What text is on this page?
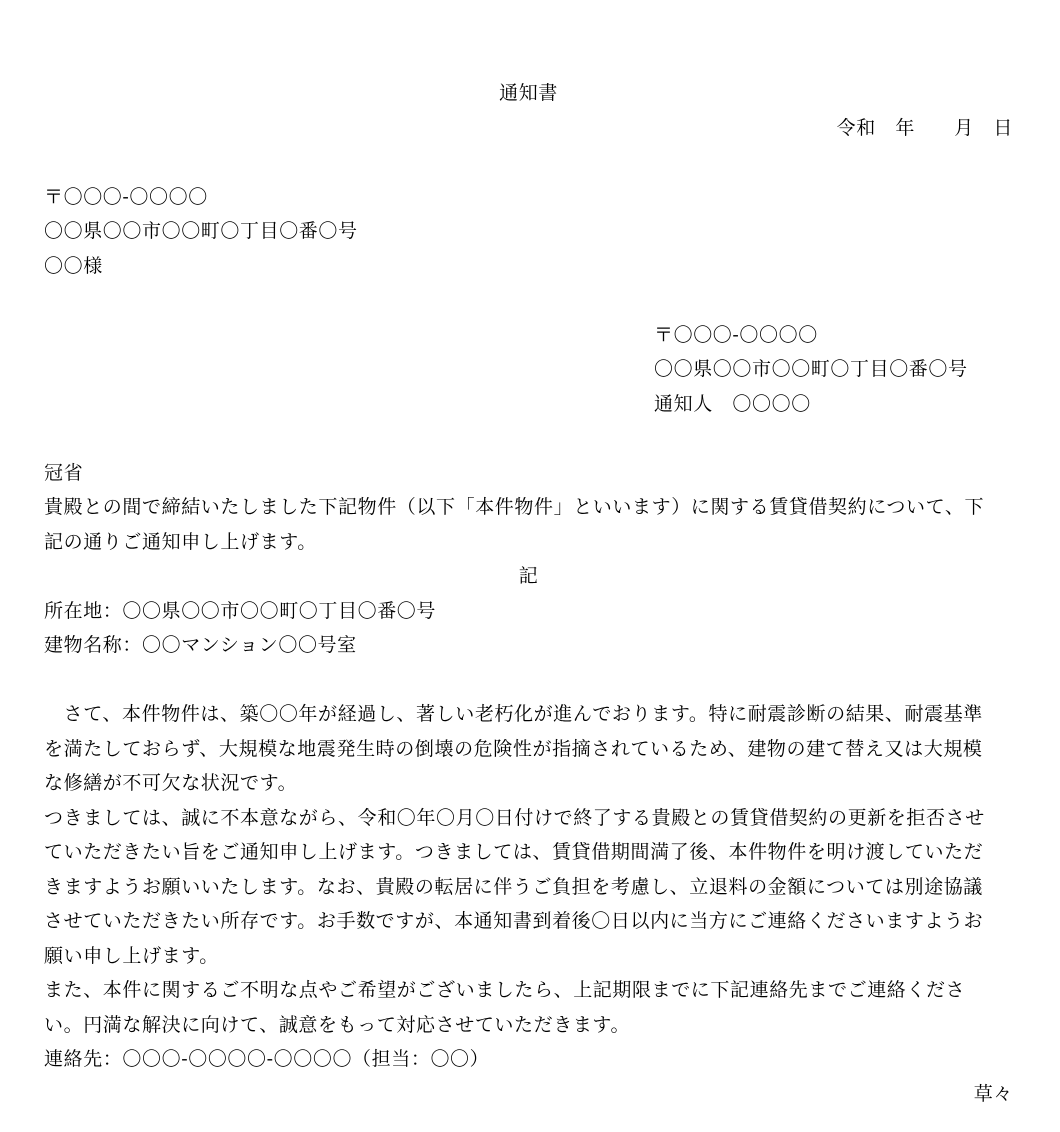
通知書
令和　年　　月　日
〒〇〇〇-〇〇〇〇
〇〇県〇〇市〇〇町〇丁目〇番〇号
〇〇様
〒〇〇〇-〇〇〇〇
〇〇県〇〇市〇〇町〇丁目〇番〇号
通知人　〇〇〇〇
冠省
貴殿との間で締結いたしました下記物件（以下「本件物件」といいます）に関する賃貸借契約について、下
記の通りご通知申し上げます。
記
所在地：〇〇県〇〇市〇〇町〇丁目〇番〇号
建物名称：〇〇マンション〇〇号室
　さて、本件物件は、築〇〇年が経過し、著しい老朽化が進んでおります。特に耐震診断の結果、耐震基準
を満たしておらず、大規模な地震発生時の倒壊の危険性が指摘されているため、建物の建て替え又は大規模
な修繕が不可欠な状況です。
つきましては、誠に不本意ながら、令和〇年〇月〇日付けで終了する貴殿との賃貸借契約の更新を拒否させ
ていただきたい旨をご通知申し上げます。つきましては、賃貸借期間満了後、本件物件を明け渡していただ
きますようお願いいたします。なお、貴殿の転居に伴うご負担を考慮し、立退料の金額については別途協議
させていただきたい所存です。お手数ですが、本通知書到着後〇日以内に当方にご連絡くださいますようお
願い申し上げます。
また、本件に関するご不明な点やご希望がございましたら、上記期限までに下記連絡先までご連絡くださ
い。円満な解決に向けて、誠意をもって対応させていただきます。
連絡先：〇〇〇-〇〇〇〇-〇〇〇〇（担当：〇〇）
草々
